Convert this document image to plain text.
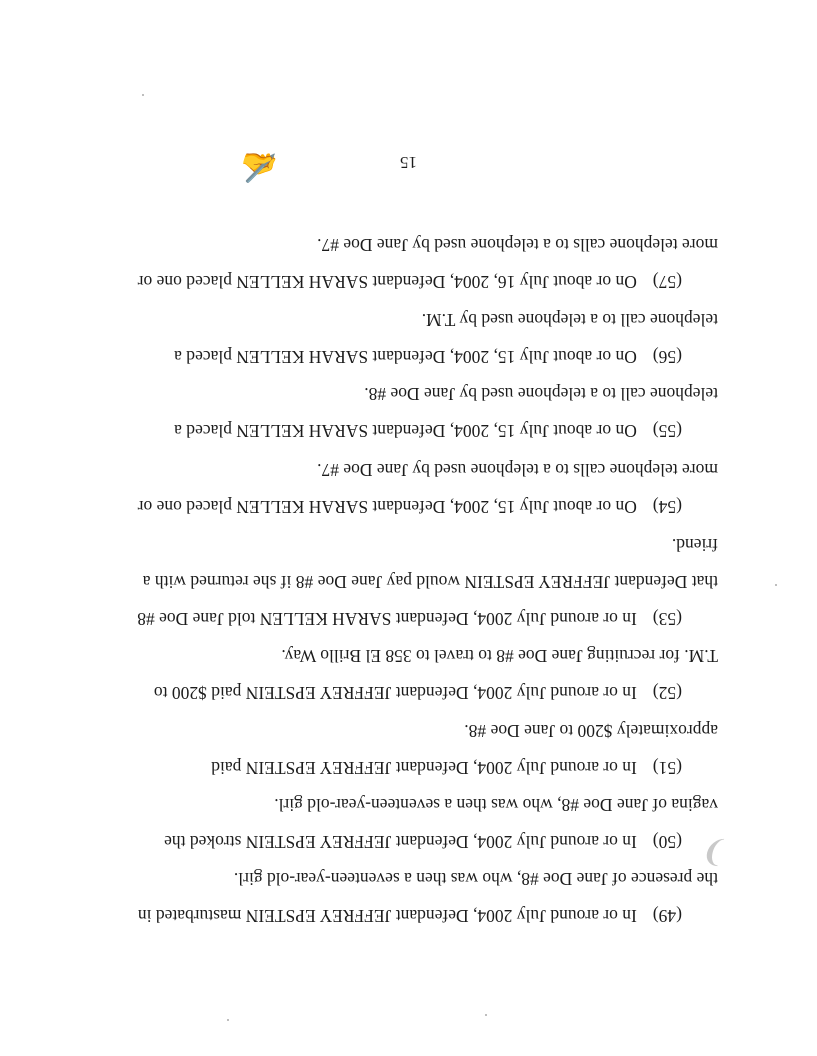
(49)In or around July 2004, Defendant JEFFREY EPSTEIN masturbated in
the presence of Jane Doe #8, who was then a seventeen-year-old girl.

(50)In or around July 2004, Defendant JEFFREY EPSTEIN stroked the
vagina of Jane Doe #8, who was then a seventeen-year-old girl.

(51)In or around July 2004, Defendant JEFFREY EPSTEIN paid
approximately $200 to Jane Doe #8.

(52)In or around July 2004, Defendant JEFFREY EPSTEIN paid $200 to
T.M. for recruiting Jane Doe #8 to travel to 358 El Brillo Way.

(53)In or around July 2004, Defendant SARAH KELLEN told Jane Doe #8
that Defendant JEFFREY EPSTEIN would pay Jane Doe #8 if she returned with a
friend.

(54)On or about July 15, 2004, Defendant SARAH KELLEN placed one or
more telephone calls to a telephone used by Jane Doe #7.

(55)On or about July 15, 2004, Defendant SARAH KELLEN placed a
telephone call to a telephone used by Jane Doe #8.

(56)On or about July 15, 2004, Defendant SARAH KELLEN placed a
telephone call to a telephone used by T.M.

(57)On or about July 16, 2004, Defendant SARAH KELLEN placed one or
more telephone calls to a telephone used by Jane Doe #7.

15

✍
❩
